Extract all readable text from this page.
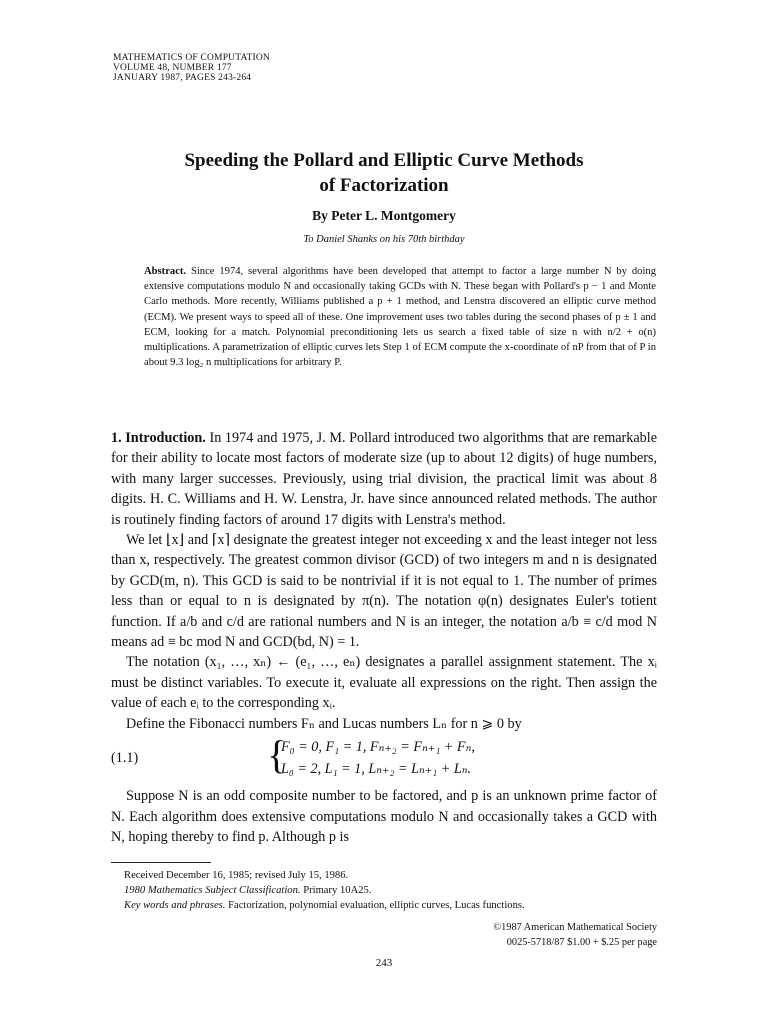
MATHEMATICS OF COMPUTATION
VOLUME 48, NUMBER 177
JANUARY 1987, PAGES 243-264
Speeding the Pollard and Elliptic Curve Methods
of Factorization
By Peter L. Montgomery
To Daniel Shanks on his 70th birthday
Abstract. Since 1974, several algorithms have been developed that attempt to factor a large number N by doing extensive computations modulo N and occasionally taking GCDs with N. These began with Pollard's p − 1 and Monte Carlo methods. More recently, Williams published a p + 1 method, and Lenstra discovered an elliptic curve method (ECM). We present ways to speed all of these. One improvement uses two tables during the second phases of p ± 1 and ECM, looking for a match. Polynomial preconditioning lets us search a fixed table of size n with n/2 + o(n) multiplications. A parametrization of elliptic curves lets Step 1 of ECM compute the x-coordinate of nP from that of P in about 9.3 log₂ n multiplications for arbitrary P.

1. Introduction. In 1974 and 1975, J. M. Pollard introduced two algorithms that are remarkable for their ability to locate most factors of moderate size (up to about 12 digits) of huge numbers, with many larger successes. Previously, using trial division, the practical limit was about 8 digits. H. C. Williams and H. W. Lenstra, Jr. have since announced related methods. The author is routinely finding factors of around 17 digits with Lenstra's method.

We let ⌊x⌋ and ⌈x⌉ designate the greatest integer not exceeding x and the least integer not less than x, respectively. The greatest common divisor (GCD) of two integers m and n is designated by GCD(m, n). This GCD is said to be nontrivial if it is not equal to 1. The number of primes less than or equal to n is designated by π(n). The notation φ(n) designates Euler's totient function. If a/b and c/d are rational numbers and N is an integer, the notation a/b ≡ c/d mod N means ad ≡ bc mod N and GCD(bd, N) = 1.

The notation (x₁, …, xₙ) ← (e₁, …, eₙ) designates a parallel assignment statement. The xᵢ must be distinct variables. To execute it, evaluate all expressions on the right. Then assign the value of each eᵢ to the corresponding xᵢ.

Define the Fibonacci numbers Fₙ and Lucas numbers Lₙ for n ⩾ 0 by

(1.1)	{
F₀ = 0, F₁ = 1, Fₙ₊₂ = Fₙ₊₁ + Fₙ,
L₀ = 2, L₁ = 1, Lₙ₊₂ = Lₙ₊₁ + Lₙ.

Suppose N is an odd composite number to be factored, and p is an unknown prime factor of N. Each algorithm does extensive computations modulo N and occasionally takes a GCD with N, hoping thereby to find p. Although p is

Received December 16, 1985; revised July 15, 1986.
1980 Mathematics Subject Classification. Primary 10A25.
Key words and phrases. Factorization, polynomial evaluation, elliptic curves, Lucas functions.
©1987 American Mathematical Society
0025-5718/87 $1.00 + $.25 per page
243
